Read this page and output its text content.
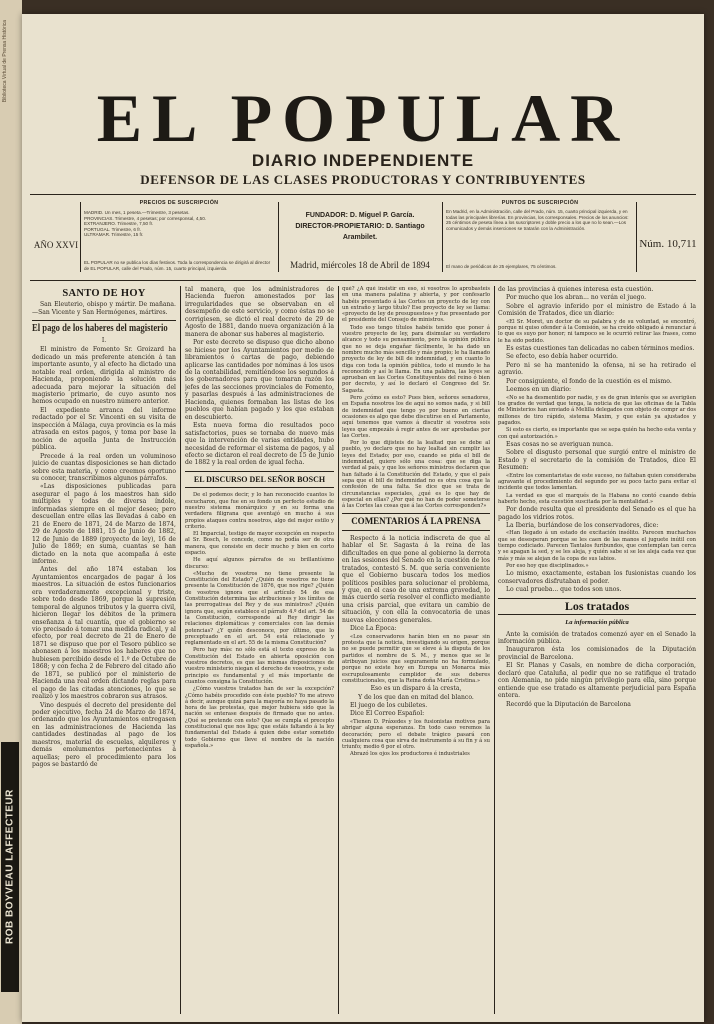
Biblioteca Virtual de Prensa Histórica
ROB BOYVEAU LAFFECTEUR
EL POPULAR
DIARIO INDEPENDIENTE
DEFENSOR DE LAS CLASES PRODUCTORAS Y CONTRIBUYENTES
PRECIOS DE SUSCRIPCIÓN
MADRID. Un mes, 1 peseta.—Trimestre, 3 pesetas.
PROVINCIAS. Trimestre, 4 pesetas; por corresponsal, 4,50.
EXTRANJERO. Trimestre, 7,50 fr.
PORTUGAL. Trimestre, 6 fr.
ULTRAMAR. Trimestre, 15 fr.
EL POPULAR no se publica los días festivos. Toda la correspondencia se dirigirá al director de EL POPULAR, calle del Prado, núm. 15, cuarto principal, izquierda.
AÑO XXVI
FUNDADOR: D. Miguel P. García.
DIRECTOR-PROPIETARIO: D. Santiago Arambilet.
Madrid, miércoles 18 de Abril de 1894
PUNTOS DE SUSCRIPCIÓN
En Madrid, en la Administración, calle del Prado, núm. 15, cuarto principal izquierda, y en todas las principales librerías. En provincias, los corresponsales. Precios de los anuncios: 25 céntimos de peseta línea a los suscriptores y doble precio a los que no lo sean.—Los comunicados y demás inserciones se tratarán con la Administración.
El mano de periódicos de 25 ejemplares, 75 céntimos.
Núm. 10,711
SANTO DE HOY

San Eleuterio, obispo y mártir. De mañana.—San Vicente y San Hermógenes, mártires.

El pago de los haberes del magisterio
I.

El ministro de Fomento Sr. Groizard ha dedicado un más preferente atención á tan importante asunto, y al efecto ha dictado una notable real orden, dirigida al ministro de Hacienda, proponiendo la solución más adecuada para mejorar la situación del magisterio primario, de cuyo asunto nos hemos ocupado en nuestro número anterior.

El expediente arranca del informe redactado por el Sr. Vincenti en su visita de inspección á Málaga, cuya provincia es la más atrasada en estos pagos, y toma por base la noción de aquella Junta de Instrucción pública.

Precede á la real orden un voluminoso juicio de cuantas disposiciones se han dictado sobre esta materia, y como creemos oportuno su conocer, transcribimos algunos párrafos.

«Las disposiciones publicadas para asegurar el pago á los maestros han sido múltiples y todas de diversa índole, informadas siempre en el mejor deseo; pero descuellan entre ellas las llevadas á cabo en 21 de Enero de 1871, 24 de Marzo de 1874, 29 de Agosto de 1881, 15 de Junio de 1882, 12 de Junio de 1889 (proyecto de ley), 16 de Julio de 1869; en suma, cuantas se han dictado en la nota que acompaña á este informe.

Antes del año 1874 estaban los Ayuntamientos encargados de pagar á los maestros. La situación de estos funcionarios era verdaderamente excepcional y triste, sobre todo desde 1869, porque la supresión temporal de algunos tributos y la guerra civil, hicieron llegar los débitos de la primera enseñanza á tal cuantía, que el gobierno se vio precisado á tomar una medida radical, y al efecto, por real decreto de 21 de Enero de 1871 se dispuso que por el Tesoro público se abonasen á los maestros los haberes que no hubiesen percibido desde el 1.º de Octubre de 1868; y con fecha 2 de Febrero del citado año de 1871, se publicó por el ministerio de Hacienda una real orden dictando reglas para el pago de las citadas atenciones, lo que se realizó y los maestros cobraron sus atrasos.

Vino después el decreto del presidente del poder ejecutivo, fecha 24 de Marzo de 1874, ordenando que los Ayuntamientos entregasen en las administraciones de Hacienda las cantidades destinadas al pago de los maestros, material de escuelas, alquileres y demás emolumentos pertenecientes á aquellas; pero el procedimiento para los pagos se bastardó de

tal manera, que los administradores de Hacienda fueron amonestados por las irregularidades que se observaban en el desempeño de este servicio, y como éstas no se corrigiesen, se dictó el real decreto de 29 de Agosto de 1881, dando nueva organización á la manera de abonar sus haberes al magisterio.

Por este decreto se dispuso que dicho abono se hiciese por los Ayuntamientos por medio de libramientos ó cartas de pago, debiendo aplicarse las cantidades por nóminas á los usos de la contabilidad, remitiéndose los segundos á los gobernadores para que tomaran razón los jefes de las secciones provinciales de Fomento, y pasarlas después á las administraciones de Hacienda, quienes formaban las listas de los pueblos que habían pagado y los que estaban en descubierto.

Esta nueva forma dio resultados poco satisfactorios, pues se tornaba de nuevo más que la intervención de varias entidades, hubo necesidad de reformar el sistema de pagos, y al efecto se dictaron el real decreto de 15 de Junio de 1882 y la real orden de igual fecha.

EL DISCURSO DEL SEÑOR BOSCH

De el podemos decir, y lo han reconocido cuantos lo escucharon, que fue en su fondo un perfecto estudio de nuestro sistema monárquico y en su forma una verdadera filigrana que aventajó en mucho á sus propios ataques contra nosotros, algo del mejor estilo y criterio.

El Imparcial, testigo de mayor excepción en respecto al Sr. Bosch, le concede, como no podía ser de otra manera, que consiste en decir mucho y bien en corto espacio.

He aquí algunos párrafos de su brillantísimo discurso:

«Mucho de vosotros no tiene presente la Constitución del Estado? ¿Quién de vosotros no tiene presente la Constitución de 1876, que nos rige? ¿Quién de vosotros ignora que el artículo 54 de esa Constitución determina las atribuciones y los límites de las prerrogativas del Rey y de sus ministros? ¿Quién ignora que, según establece el párrafo 4.º del art. 54 de la Constitución, corresponde al Rey dirigir las relaciones diplomáticas y comerciales con las demás potencias? ¿Y quién desconoce, por último, que lo preceptuado en el art. 54 está relacionado y reglamentado en el art. 55 de la misma Constitución?

Pero hay más: no sólo está el texto expreso de la Constitución del Estado en abierta oposición con vuestros decretos, es que las mismas disposiciones de vuestro ministerio niegan el derecho de vosotros, y este principio es fundamental y el más importante de cuantos consigna la Constitución.

¿Cómo vuestros tratados han de ser la excepción? ¿Cómo habéis procedido con éste pueblo? Yo me atrevo á decir, aunque quizá para la mayoría no haya pasado la hora de las protestas, que mejor hubiera sido que la nación se enterase después de firmado que no antes. ¿Qué se pretende con esto? Que se cumpla el precepto constitucional que nos liga; que estáis faltando á la ley fundamental del Estado á quien debe estar sometido todo Gobierno que lleve el nombre de la nación española.»

qué? ¿A qué insistir en eso, si vosotros lo aprobasteis en una manera palatina y abierta, y por confesarlo habéis presentado á las Cortes un proyecto de ley con un extraño y largo título? Ese proyecto de ley se llama: «proyecto de ley de presupuestos» y fue presentado por el presidente del Consejo de ministros.

Todo eso tengo títulos habéis tenido que poner á vuestro proyecto de ley, para disimular su verdadero alcance y todo su pensamiento, pero la opinión pública que no se deja engañar fácilmente, le ha dado un nombre mucho más sencillo y más propio; le ha llamado proyecto de ley de bill de indemnidad, y en cuanto lo diga con toda la opinión pública, todo el mundo le ha reconocido y así le llama. En una palabra, las leyes se aprueban en las Cortes Constituyentes del reino ó bien por decreto, y así lo declaró el Congreso del Sr. Sagasta.

Pero ¿cómo es esto? Pues bien, señores senadores, en España nosotros los de aquí no somos nada, y si bill de indemnidad que tengo yo por bueno en ciertas ocasiones es algo que debe discutirse en el Parlamento, aquí tenemos que vamos á discutir si vosotros sois leyes que empezáis á regir antes de ser aprobadas por las Cortes.

Por lo que dijisteis de la lealtad que se debe al pueblo, yo declaro que no hay lealtad sin cumplir las leyes del Estado; por eso, cuando se pida el bill de indemnidad, quiero sólo una cosa: que se diga la verdad al país, y que los señores ministros declaren que han faltado á la Constitución del Estado, y que el país sepa que el bill de indemnidad no es otra cosa que la confesión de una falta. Se dice que se trata de circunstancias especiales, ¿qué es lo que hay de especial en ellas? ¿Por qué no han de poder someterse á las Cortes las cosas que á las Cortes corresponden?»

COMENTARIOS Á LA PRENSA

Respecto á la noticia indiscreta de que al hablar el Sr. Sagasta á la reina de las dificultades en que pone al gobierno la derrota en las sesiones del Senado en la cuestión de los tratados, contestó S. M. que sería conveniente que el Gobierno buscara todos los medios políticos posibles para solucionar el problema, y que, en el caso de una extrema gravedad, lo más cuerdo sería resolver el conflicto mediante una crisis parcial, que evitara un cambio de situación, y con ella la convocatoria de unas nuevas elecciones generales.

Dice La Época:

«Los conservadores harán bien en no pasar sin protesta que la noticia, investigando su origen, porque no se puede permitir que se eleve á la disputa de los partidos el nombre de S. M., y menos que se le atribuyan juicios que seguramente no ha formulado, porque no existe hoy en Europa un Monarca más escrupulosamente cumplidor de sus deberes constitucionales, que la Reina doña María Cristina.»

Eso es un disparo á la cresta,

Y de los que dan en mitad del blanco.

El juego de los cubiletes.

Dice El Correo Español:

«Tienen D. Práxedes y los fusionistas motivos para abrigar alguna esperanza. En todo caso veremos la decoración; pero el debate trágico pasará con cualquiera cosa que sirva de instrumento á su fin y á su triunfo; medio 6 por el otro.

Abrazó los ojos los productores é industriales

de las provincias á quienes interesa esta cuestión.

Por mucho que los abran... no verán el juego.

Sobre el agravio inferido por el ministro de Estado á la Comisión de Tratados, dice un diario:

«El Sr. Moret, un doctor de su palabra y de su voluntad, se encontró, porque ni quiso ofender á la Comisión, se ha creído obligado á renunciar á lo que es suyo por honor; ni tampoco se le ocurrió retirar las frases, como le ha sido pedido.

Es estas cuestiones tan delicadas no caben términos medios.

Se efecto, eso debía haber ocurrido.

Pero ni se ha mantenido la ofensa, ni se ha retirado el agravio.

Por consiguiente, el fondo de la cuestión es el mismo.

Leemos en un diario:

«No se ha desmentido por nadie, y es de gran interés que se averigüen los grados de verdad que tenga, la noticia de que las oficinas de la Tabla de Ministerios han enviado á Melilla delegados con objeto de compr ar dos millones de tiro rápido, sistema Maxim, y que están ya ajustados y pagados.

Si esto es cierto, es importante que se sepa quién ha hecho esta venta y con qué autorización.»

Esas cosas no se averiguan nunca.

Sobre el disgusto personal que surgió entre el ministro de Estado y el secretario de la comisión de Tratados, dice El Resumen:

«Entre los comentaristas de este suceso, no faltaban quien consideraba agravante el procedimiento del segundo por su poco tacto para evitar el incidente que todos lamentan.

La verdad es que el marqués de la Habana no contó cuando debía haberlo hecho, esta cuestión suscitada por la mentalidad.»

Por donde resulta que el presidente del Senado es el que ha pagado los vidrios rotos.

La Iberia, burlándose de los conservadores, dice:

«Han llegado á un estado de excitación insólito. Parecen muchachos que se desesperan porque se les caen de las manos el juguete inútil con tiempo codiciado. Parecen Tantalos furibundos, que contemplan tan cerca y se apagan la sed, y se les aleja, y quién sabe si se les aleja cada vez que más y más se alejan de la copa de sus labios.

Por eso hoy que disciplinados.»

Lo mismo, exactamente, estaban los fusionistas cuando los conservadores disfrutaban el poder.

Lo cual prueba... que todos son unos.

Los tratados
La información pública

Ante la comisión de tratados comenzó ayer en el Senado la información pública.

Inauguraron ésta los comisionados de la Diputación provincial de Barcelona.

El Sr. Planas y Casals, en nombre de dicha corporación, declaró que Cataluña, al pedir que no se ratifique el tratado con Alemania, no pide ningún privilegio para ella, sino porque entiende que ese tratado es altamente perjudicial para España entera.

Recordó que la Diputación de Barcelona
